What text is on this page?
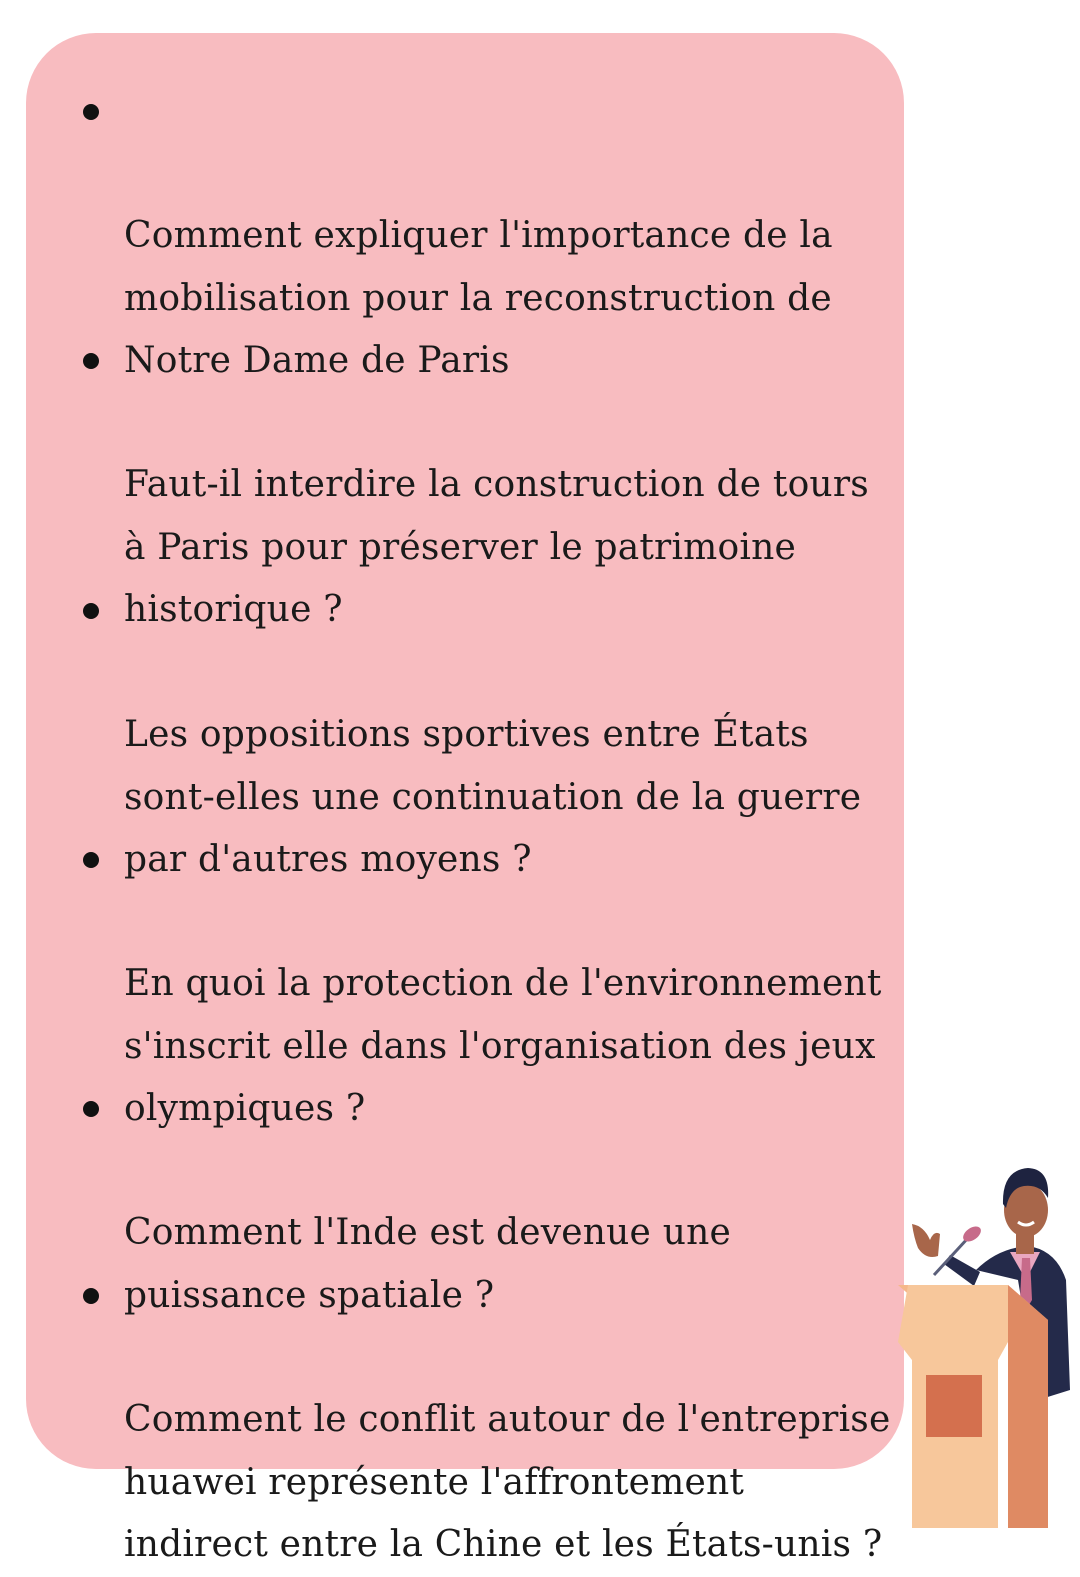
Comment expliquer l'importance de la
mobilisation pour la reconstruction de
Notre Dame de Paris

Faut-il interdire la construction de tours
à Paris pour préserver le patrimoine
historique ?

Les oppositions sportives entre États
sont-elles une continuation de la guerre
par d'autres moyens ?

En quoi la protection de l'environnement
s'inscrit elle dans l'organisation des jeux
olympiques ?

Comment l'Inde est devenue une
puissance spatiale ?

Comment le conflit autour de l'entreprise
huawei représente l'affrontement
indirect entre la Chine et les États-unis ?
